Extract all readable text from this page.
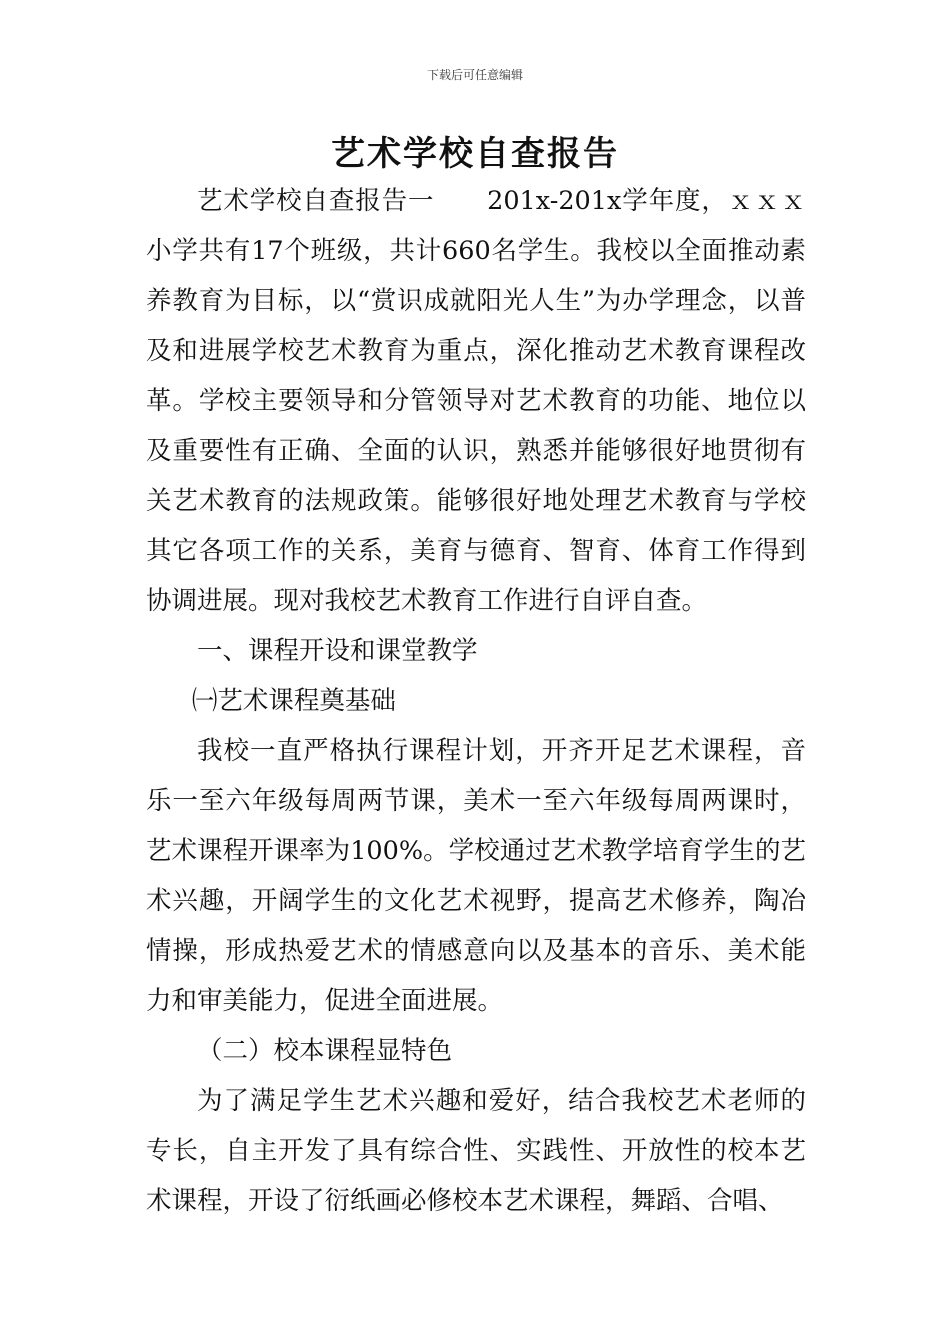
下载后可任意编辑
艺术学校自查报告

艺术学校自查报告一　　201x-201x学年度，ｘｘｘ小学共有17个班级，共计660名学生。我校以全面推动素养教育为目标，以“赏识成就阳光人生”为办学理念，以普及和进展学校艺术教育为重点，深化推动艺术教育课程改革。学校主要领导和分管领导对艺术教育的功能、地位以及重要性有正确、全面的认识，熟悉并能够很好地贯彻有关艺术教育的法规政策。能够很好地处理艺术教育与学校其它各项工作的关系，美育与德育、智育、体育工作得到协调进展。现对我校艺术教育工作进行自评自查。

一、课程开设和课堂教学

㈠艺术课程奠基础

我校一直严格执行课程计划，开齐开足艺术课程，音乐一至六年级每周两节课，美术一至六年级每周两课时，艺术课程开课率为100%。学校通过艺术教学培育学生的艺术兴趣，开阔学生的文化艺术视野，提高艺术修养，陶冶情操，形成热爱艺术的情感意向以及基本的音乐、美术能力和审美能力，促进全面进展。

（二）校本课程显特色

为了满足学生艺术兴趣和爱好，结合我校艺术老师的专长，自主开发了具有综合性、实践性、开放性的校本艺术课程，开设了衍纸画必修校本艺术课程，舞蹈、合唱、
